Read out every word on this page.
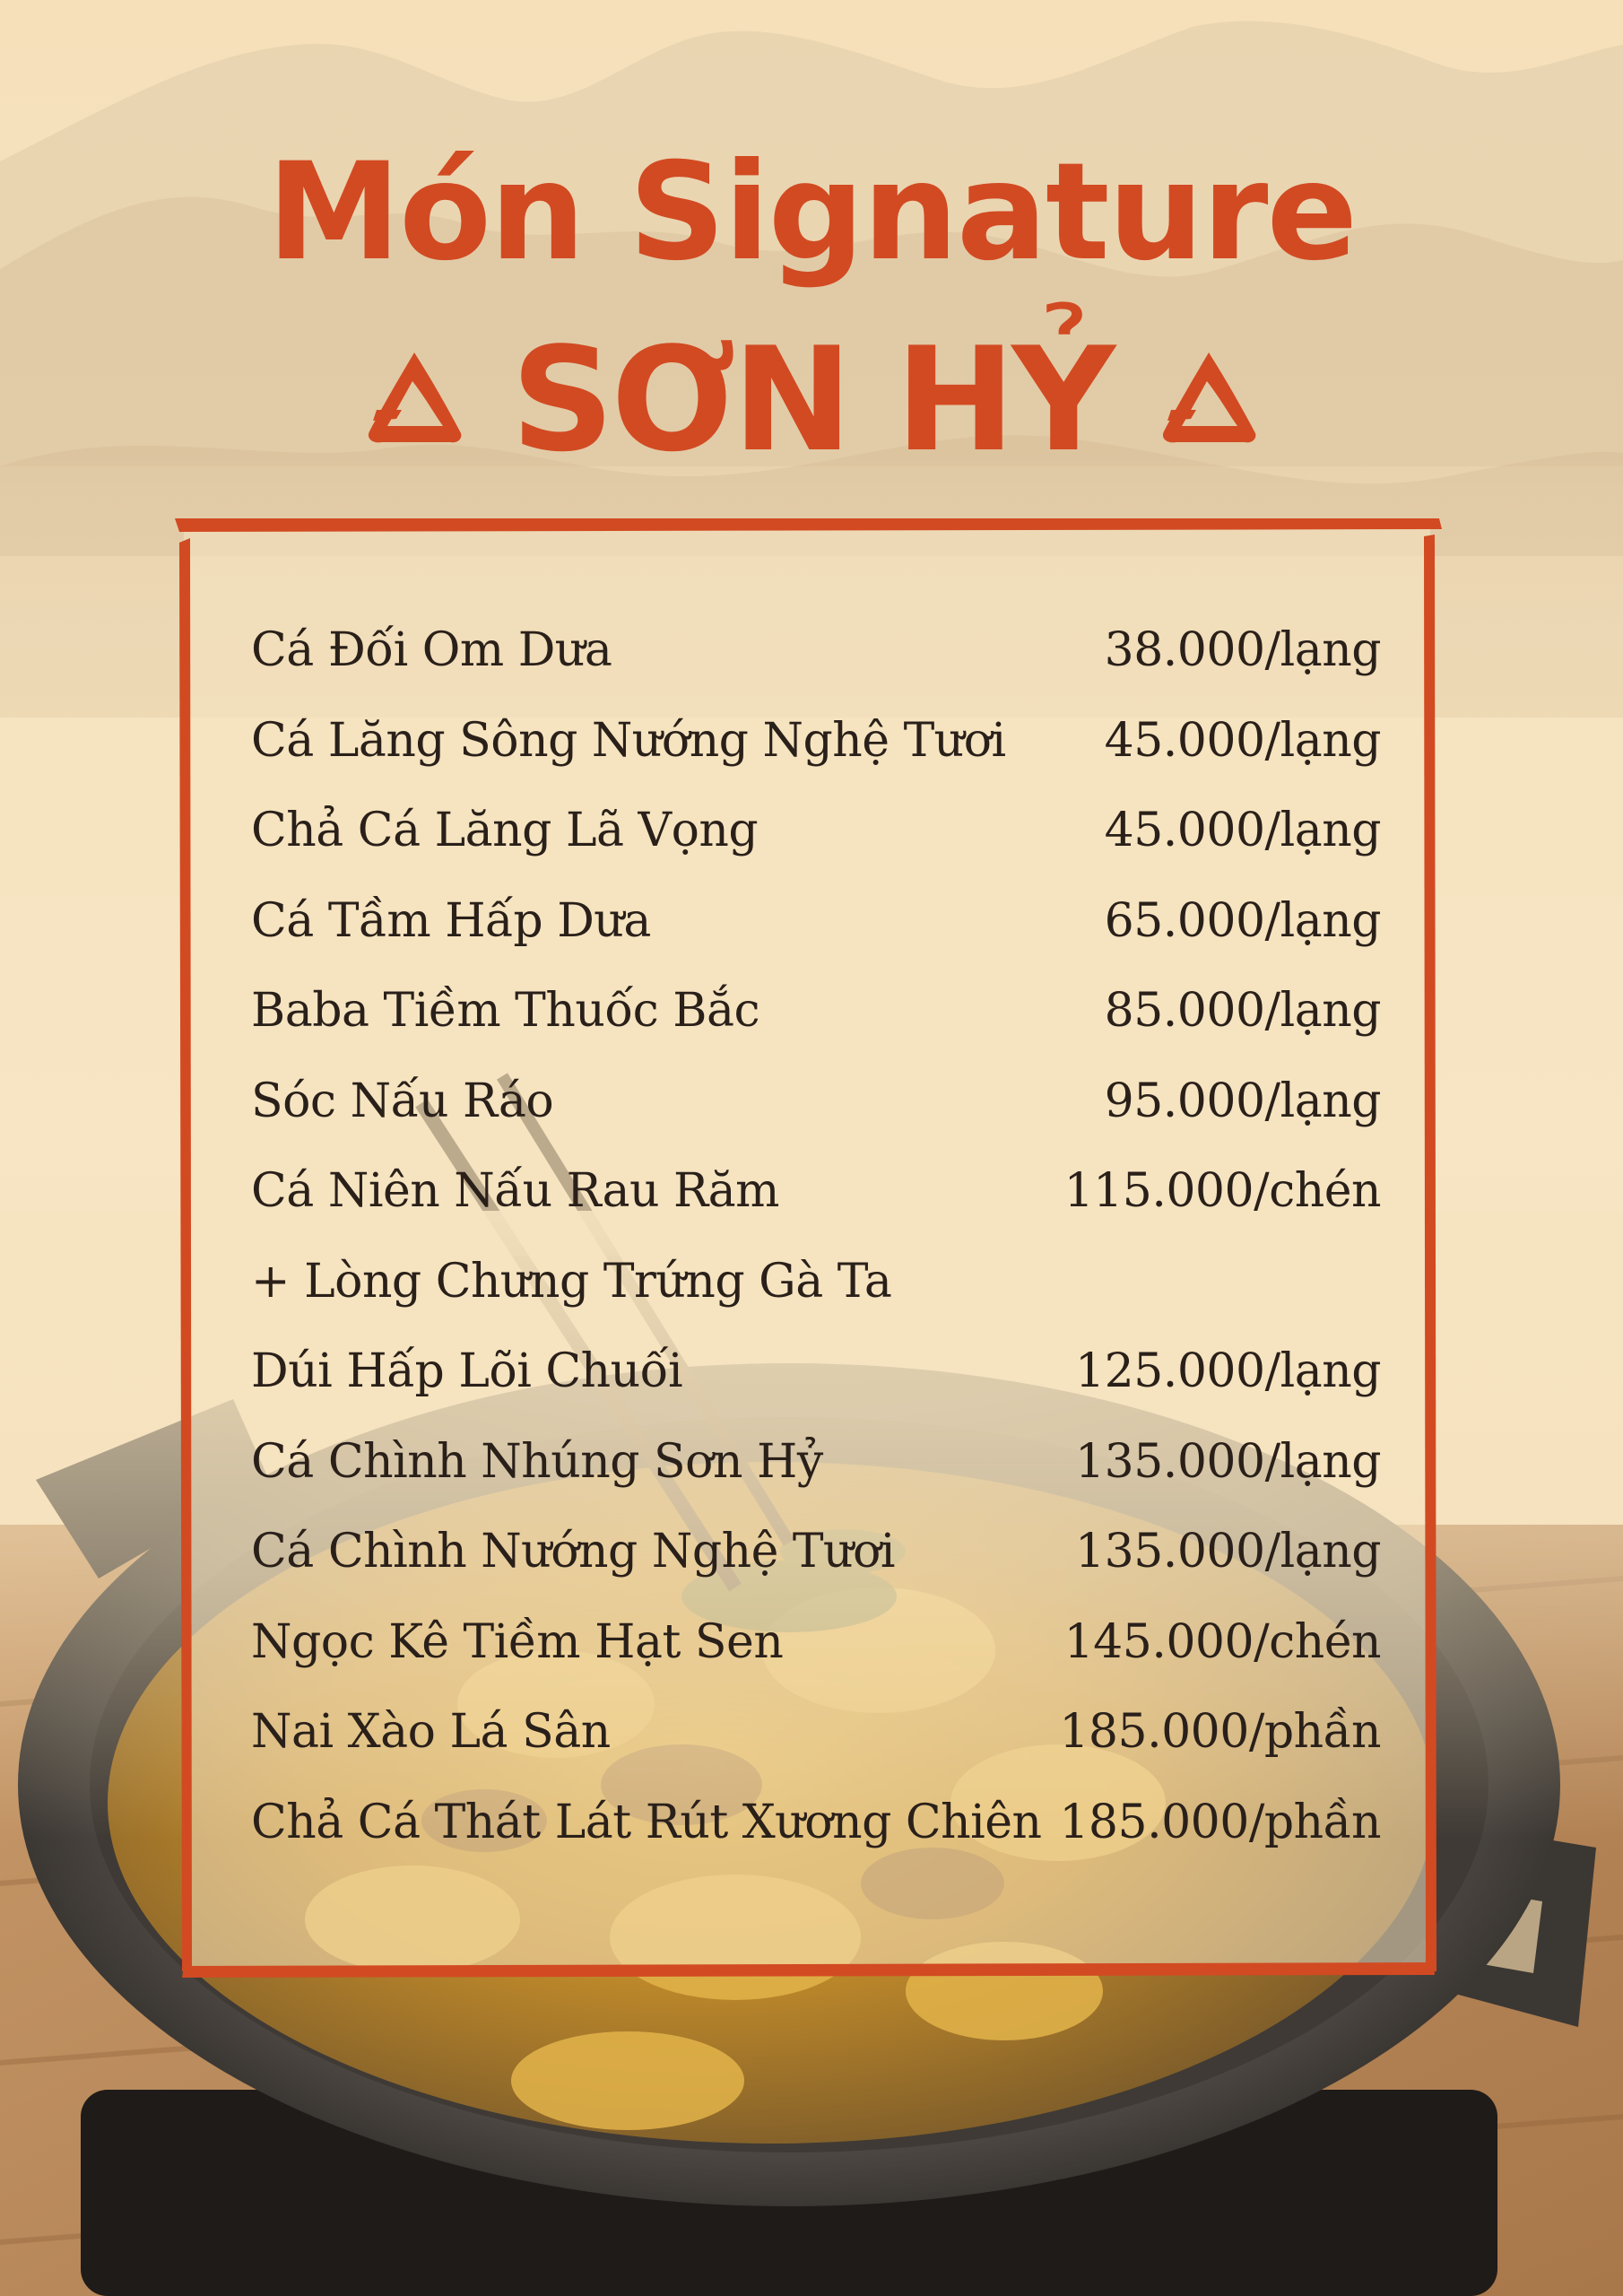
Món Signature
SƠN HỶ
Cá Đối Om Dưa	38.000/lạng
Cá Lăng Sông Nướng Nghệ Tươi 45.000/lạng
Chả Cá Lăng Lã Vọng	45.000/lạng
Cá Tầm Hấp Dưa	65.000/lạng
Baba Tiềm Thuốc Bắc	85.000/lạng
Sóc Nấu Ráo	95.000/lạng
Cá Niên Nấu Rau Răm	115.000/chén
+ Lòng Chưng Trứng Gà Ta
Dúi Hấp Lõi Chuối	125.000/lạng
Cá Chình Nhúng Sơn Hỷ	135.000/lạng
Cá Chình Nướng Nghệ Tươi	135.000/lạng
Ngọc Kê Tiềm Hạt Sen	145.000/chén
Nai Xào Lá Sân	185.000/phần
Chả Cá Thát Lát Rút Xương Chiên 185.000/phần
